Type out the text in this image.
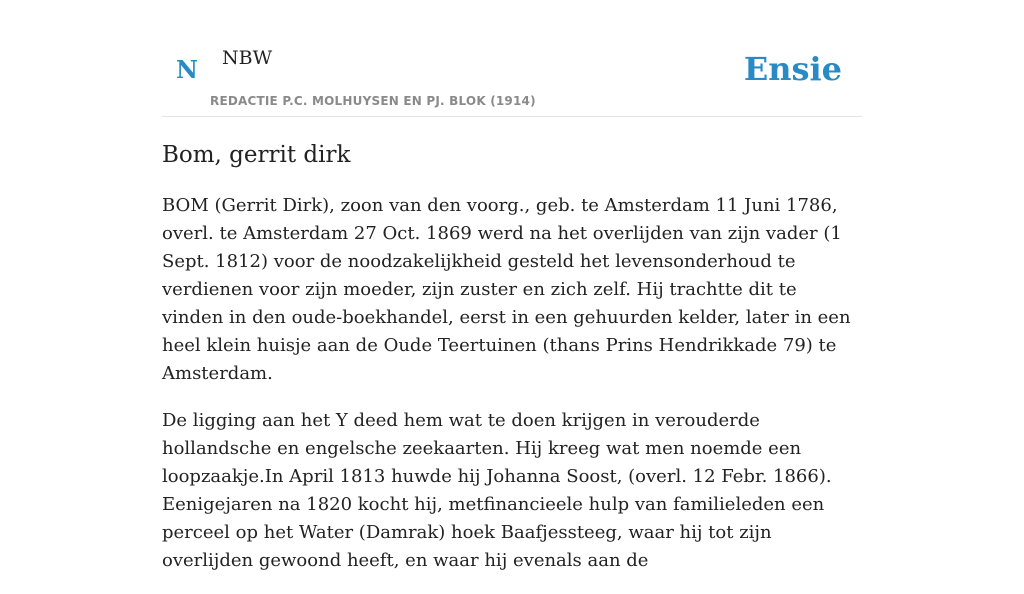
N NBW
REDACTIE P.C. MOLHUYSEN EN PJ. BLOK (1914)
Ensie
Bom, gerrit dirk

BOM (Gerrit Dirk), zoon van den voorg., geb. te Amsterdam 11 Juni 1786, overl. te Amsterdam 27 Oct. 1869 werd na het overlijden van zijn vader (1 Sept. 1812) voor de noodzakelijkheid gesteld het levensonderhoud te verdienen voor zijn moeder, zijn zuster en zich zelf. Hij trachtte dit te vinden in den oude-boekhandel, eerst in een gehuurden kelder, later in een heel klein huisje aan de Oude Teertuinen (thans Prins Hendrikkade 79) te Amsterdam.

De ligging aan het Y deed hem wat te doen krijgen in verouderde hollandsche en engelsche zeekaarten. Hij kreeg wat men noemde een loopzaakje.In April 1813 huwde hij Johanna Soost, (overl. 12 Febr. 1866). Eenigejaren na 1820 kocht hij, metfinancieele hulp van familieleden een perceel op het Water (Damrak) hoek Baafjessteeg, waar hij tot zijn overlijden gewoond heeft, en waar hij evenals aan de
